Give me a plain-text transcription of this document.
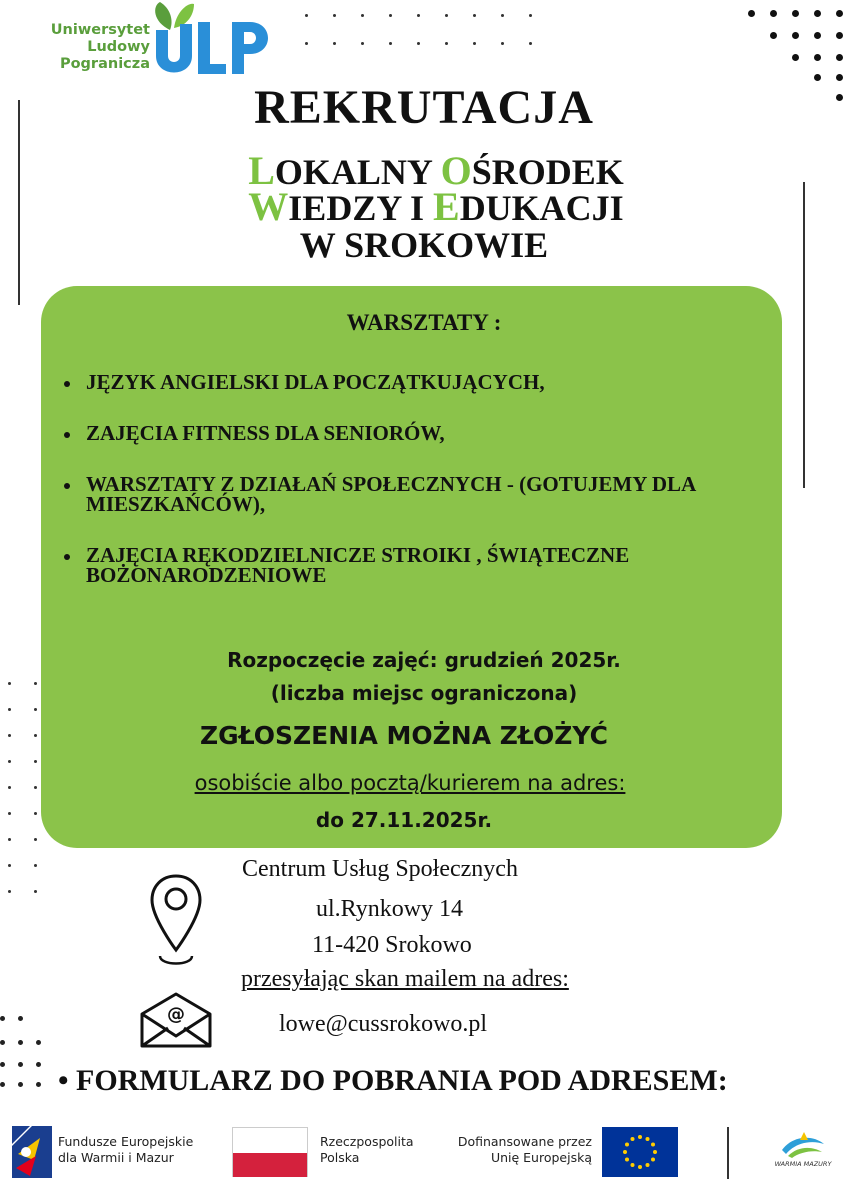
Uniwersytet
Ludowy
Pogranicza
REKRUTACJA
LOKALNY OŚRODEK
WIEDZY I EDUKACJI
W SROKOWIE
WARSZTATY :
JĘZYK ANGIELSKI DLA POCZĄTKUJĄCYCH,
ZAJĘCIA FITNESS DLA SENIORÓW,
WARSZTATY Z DZIAŁAŃ SPOŁECZNYCH - (GOTUJEMY DLA MIESZKAŃCÓW),
ZAJĘCIA RĘKODZIELNICZE STROIKI , ŚWIĄTECZNE BOŻONARODZENIOWE
Rozpoczęcie zajęć: grudzień 2025r.
(liczba miejsc ograniczona)
ZGŁOSZENIA MOŻNA ZŁOŻYĆ
osobiście albo pocztą/kurierem na adres:
do 27.11.2025r.
Centrum Usług Społecznych
ul.Rynkowy 14
11-420 Srokowo
przesyłając skan mailem na adres:
@	lowe@cussrokowo.pl
• FORMULARZ DO POBRANIA POD ADRESEM:
Fundusze Europejskie
dla Warmii i Mazur
Rzeczpospolita
Polska
Dofinansowane przez
Unię Europejską	WARMIA MAZURY
